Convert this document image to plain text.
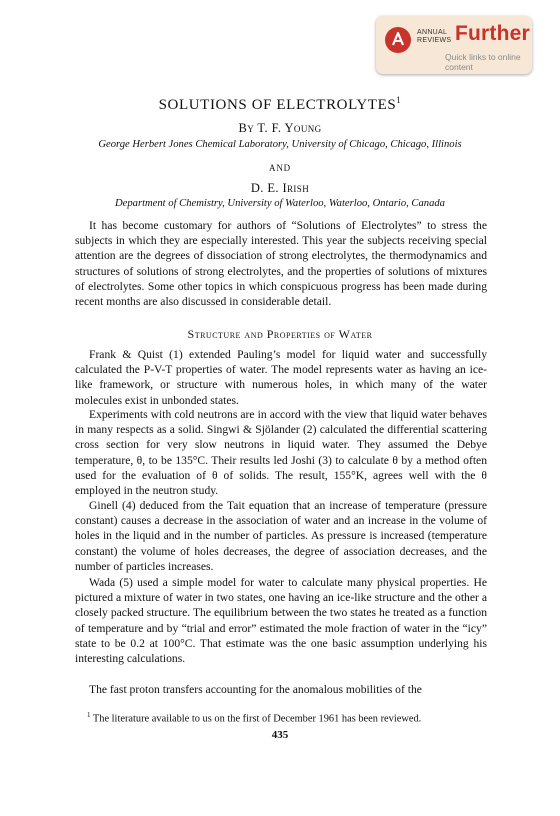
ANNUAL
REVIEWS Further
Quick links to online content
SOLUTIONS OF ELECTROLYTES$^1$
By T. F. Young
George Herbert Jones Chemical Laboratory, University of Chicago, Chicago, Illinois
AND
D. E. Irish
Department of Chemistry, University of Waterloo, Waterloo, Ontario, Canada

It has become customary for authors of “Solutions of Electrolytes” to stress the subjects in which they are especially interested. This year the subjects receiving special attention are the degrees of dissociation of strong electrolytes, the thermodynamics and structures of solutions of strong electrolytes, and the properties of solutions of mixtures of electrolytes. Some other topics in which conspicuous progress has been made during recent months are also discussed in considerable detail.

Structure and Properties of Water

Frank & Quist (1) extended Pauling’s model for liquid water and successfully calculated the P-V-T properties of water. The model represents water as having an ice-like framework, or structure with numerous holes, in which many of the water molecules exist in unbonded states.

Experiments with cold neutrons are in accord with the view that liquid water behaves in many respects as a solid. Singwi & Sjölander (2) calculated the differential scattering cross section for very slow neutrons in liquid water. They assumed the Debye temperature, θ, to be 135°C. Their results led Joshi (3) to calculate θ by a method often used for the evaluation of θ of solids. The result, 155°K, agrees well with the θ employed in the neutron study.

Ginell (4) deduced from the Tait equation that an increase of temperature (pressure constant) causes a decrease in the association of water and an increase in the volume of holes in the liquid and in the number of particles. As pressure is increased (temperature constant) the volume of holes decreases, the degree of association decreases, and the number of particles increases.

Wada (5) used a simple model for water to calculate many physical properties. He pictured a mixture of water in two states, one having an ice-like structure and the other a closely packed structure. The equilibrium between the two states he treated as a function of temperature and by “trial and error” estimated the mole fraction of water in the “icy” state to be 0.2 at 100°C. That estimate was the one basic assumption underlying his interesting calculations.

The fast proton transfers accounting for the anomalous mobilities of the

$^1$ The literature available to us on the first of December 1961 has been reviewed.
435
